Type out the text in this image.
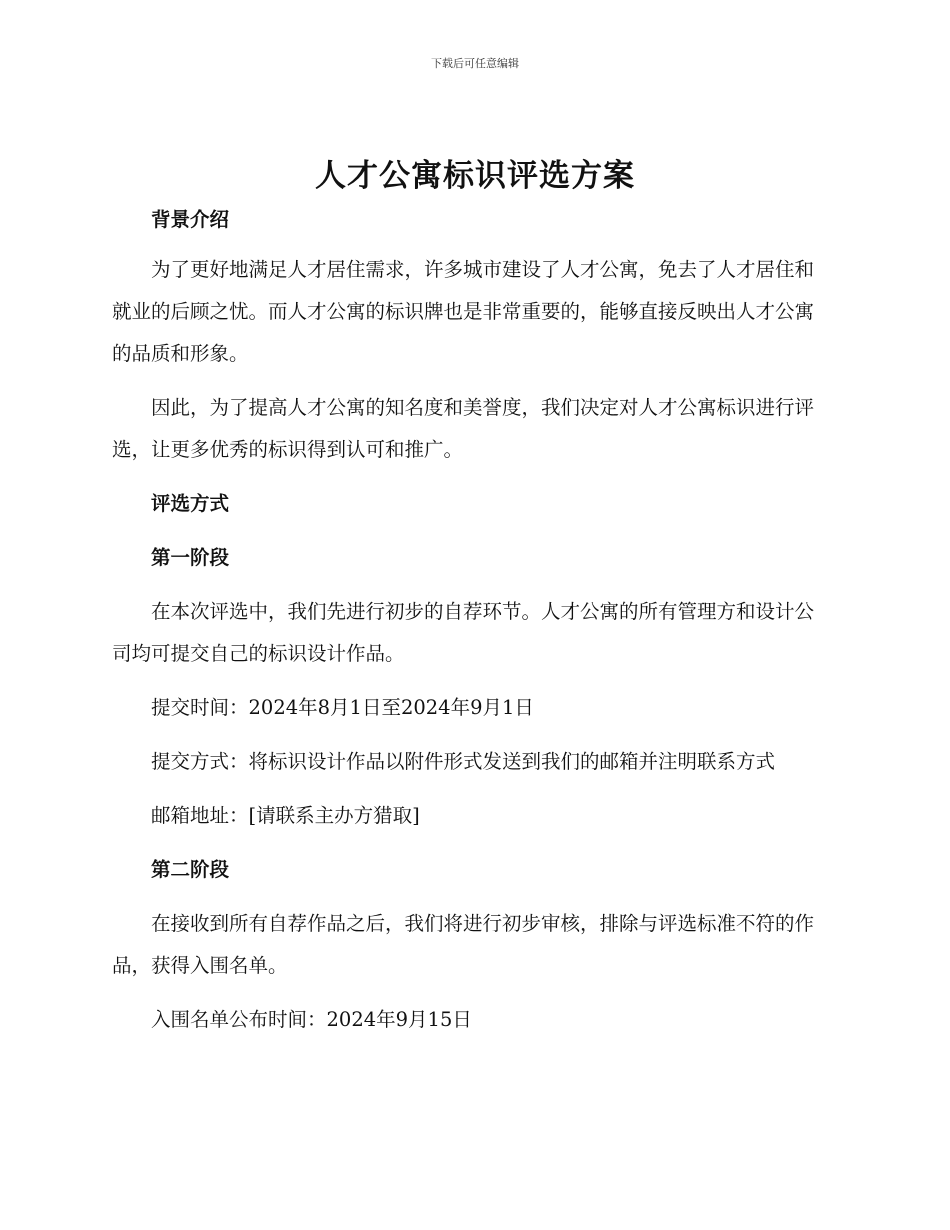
下载后可任意编辑
人才公寓标识评选方案
背景介绍

为了更好地满足人才居住需求，许多城市建设了人才公寓，免去了人才居住和就业的后顾之忧。而人才公寓的标识牌也是非常重要的，能够直接反映出人才公寓的品质和形象。

因此，为了提高人才公寓的知名度和美誉度，我们决定对人才公寓标识进行评选，让更多优秀的标识得到认可和推广。

评选方式
第一阶段

在本次评选中，我们先进行初步的自荐环节。人才公寓的所有管理方和设计公司均可提交自己的标识设计作品。

提交时间：2024年8月1日至2024年9月1日

提交方式：将标识设计作品以附件形式发送到我们的邮箱并注明联系方式

邮箱地址：[请联系主办方猎取]

第二阶段

在接收到所有自荐作品之后，我们将进行初步审核，排除与评选标准不符的作品，获得入围名单。

入围名单公布时间：2024年9月15日
